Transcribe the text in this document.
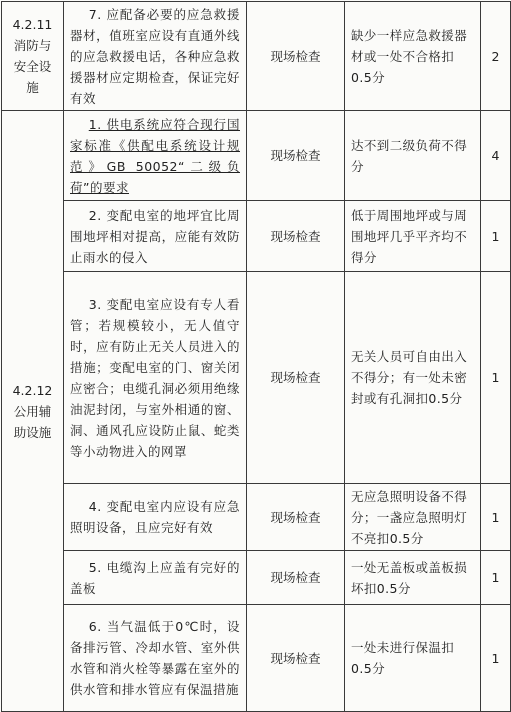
4.2.11
消防与安全设施	7. 应配备必要的应急救援器材，值班室应设有直通外线的应急救援电话，各种应急救援器材应定期检查，保证完好有效	现场检查	缺少一样应急救援器材或一处不合格扣0.5分	2

4.2.12
公用辅助设施	1. 供电系统应符合现行国家标准《供配电系统设计规范》GB 50052“二级负荷”的要求	现场检查	达不到二级负荷不得分	4

	2. 变配电室的地坪宜比周围地坪相对提高，应能有效防止雨水的侵入	现场检查	低于周围地坪或与周围地坪几乎平齐均不得分	1

	3. 变配电室应设有专人看管；若规模较小，无人值守时，应有防止无关人员进入的措施；变配电室的门、窗关闭应密合；电缆孔洞必须用绝缘油泥封闭，与室外相通的窗、洞、通风孔应设防止鼠、蛇类等小动物进入的网罩	现场检查	无关人员可自由出入不得分；有一处未密封或有孔洞扣0.5分	1

	4. 变配电室内应设有应急照明设备，且应完好有效	现场检查	无应急照明设备不得分；一盏应急照明灯不亮扣0.5分	1

	5. 电缆沟上应盖有完好的盖板	现场检查	一处无盖板或盖板损坏扣0.5分	1

	6. 当气温低于0℃时，设备排污管、冷却水管、室外供水管和消火栓等暴露在室外的供水管和排水管应有保温措施	现场检查	一处未进行保温扣0.5分	1
